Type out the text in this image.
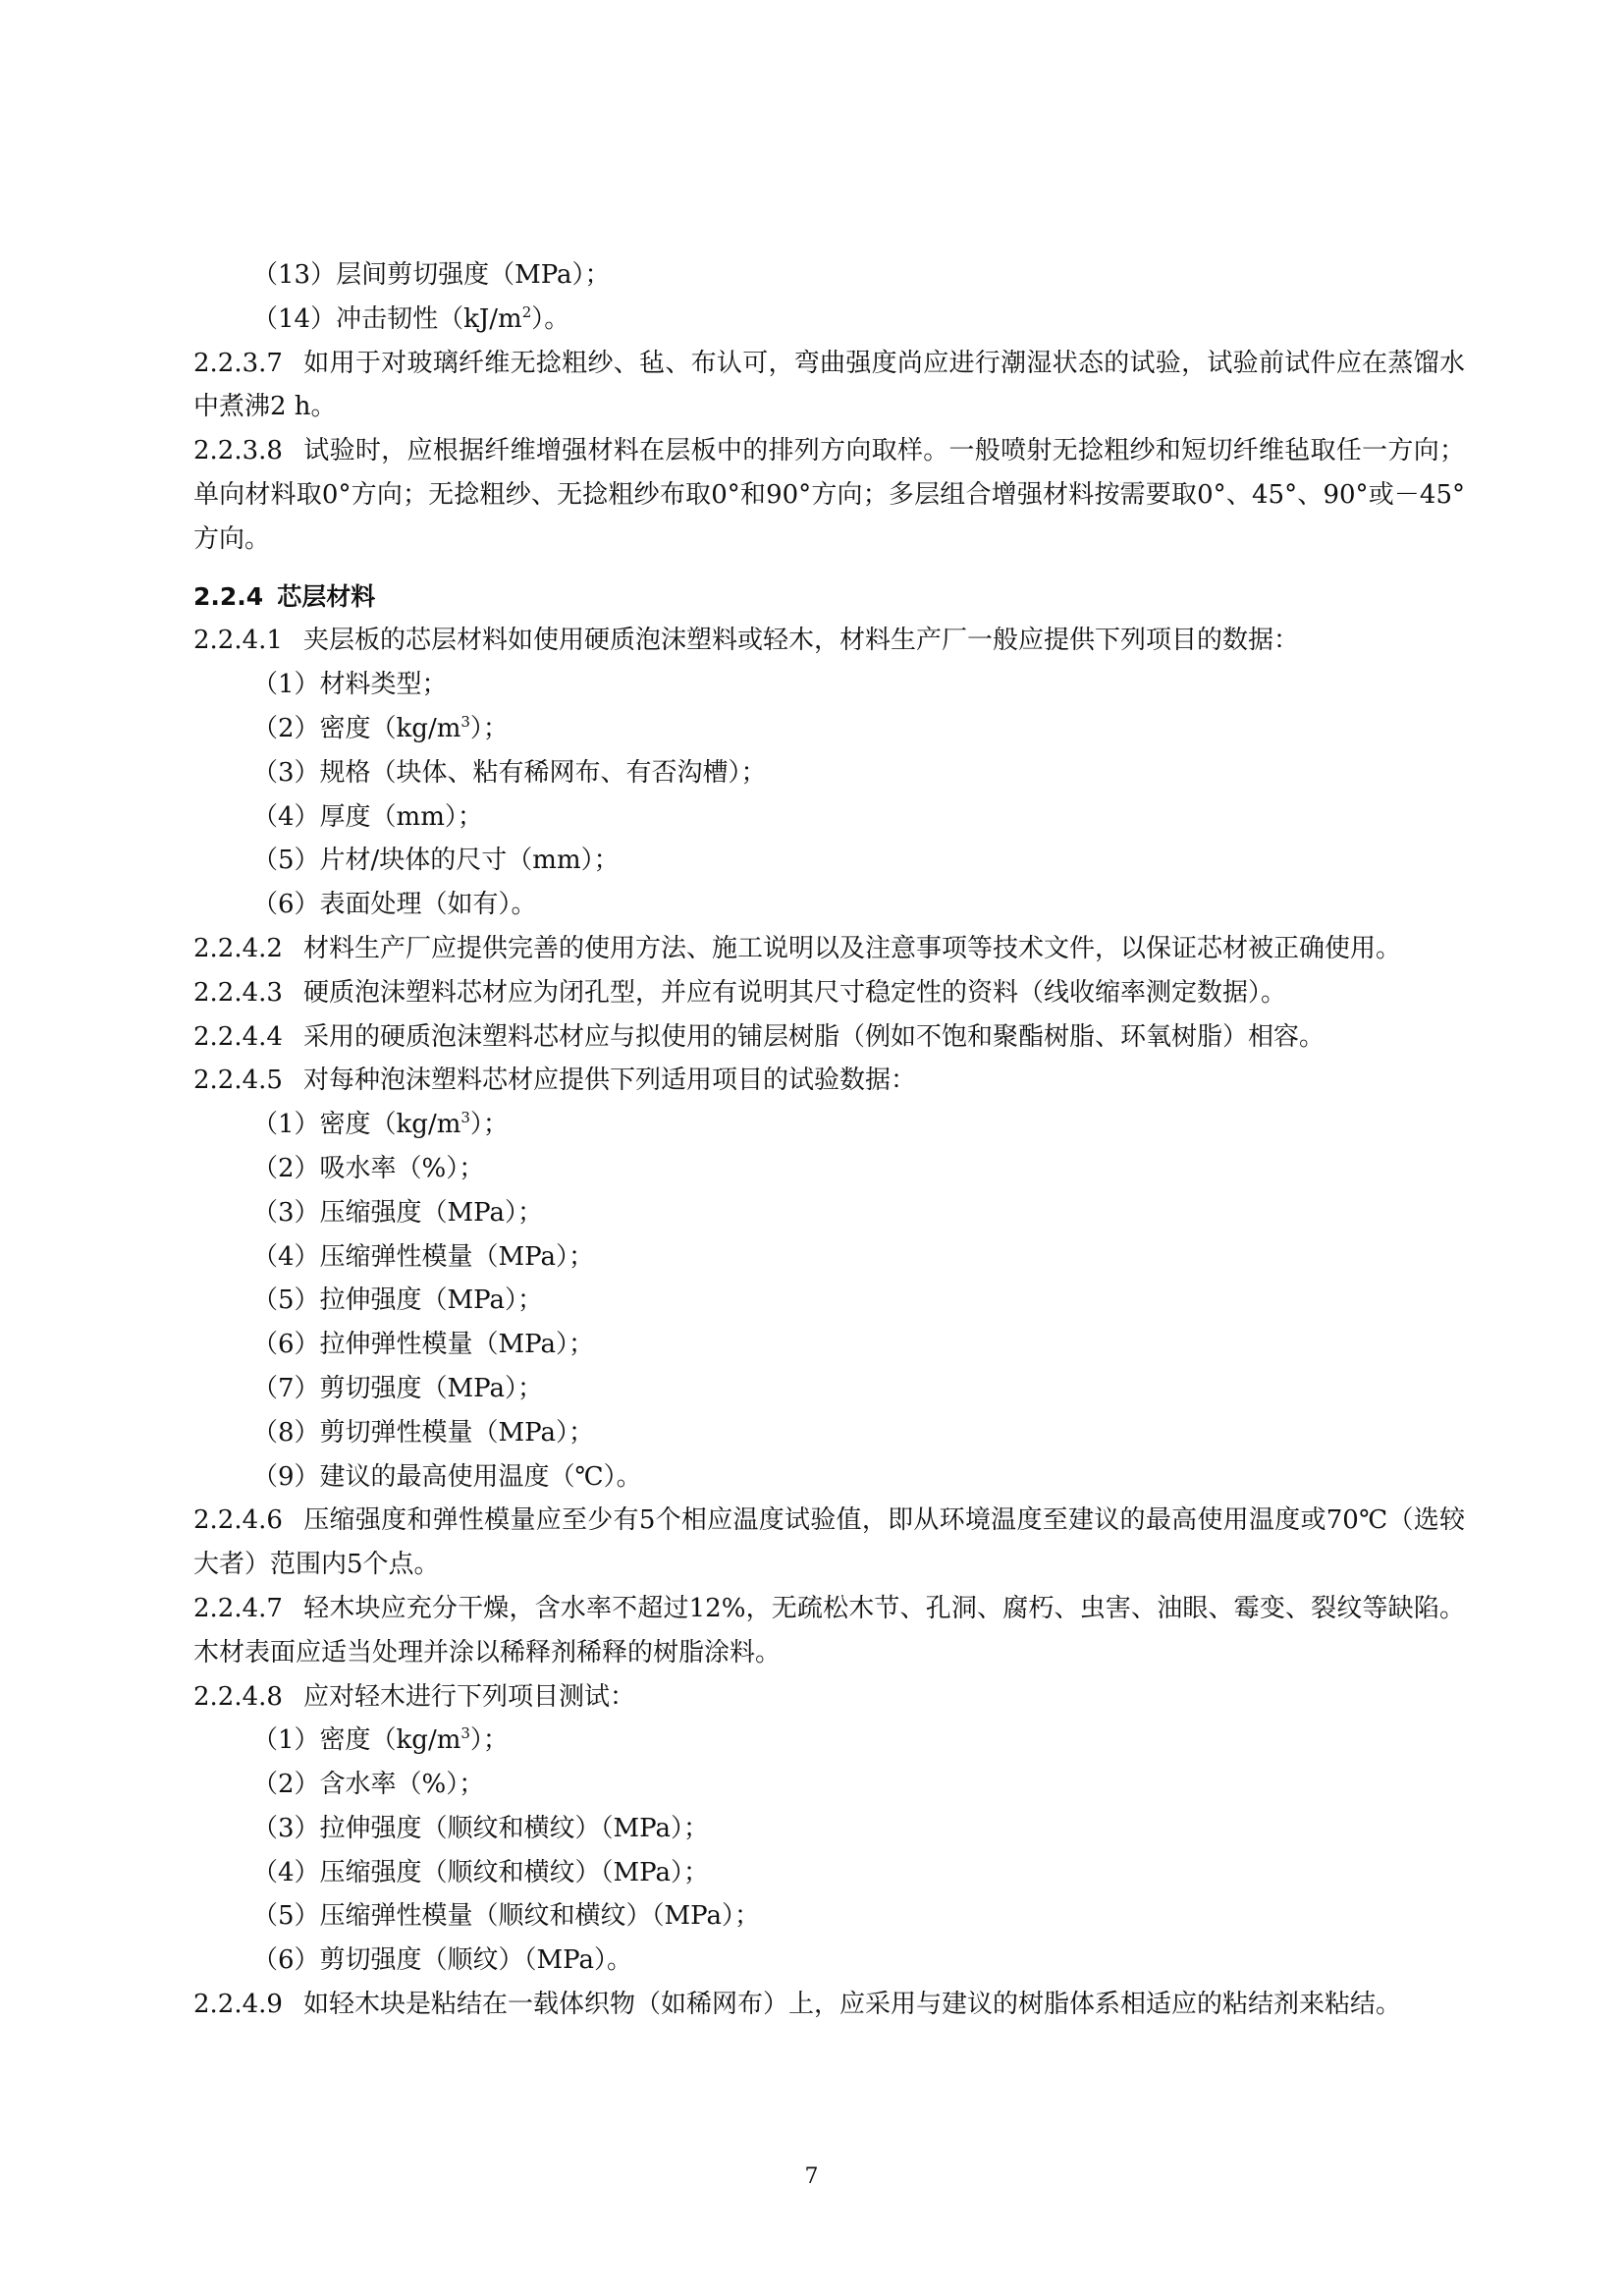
（13）层间剪切强度（MPa）；
（14）冲击韧性$(kJ/m^2)$。

2.2.3.7 如用于对玻璃纤维无捻粗纱、毡、布认可，弯曲强度尚应进行潮湿状态的试验，试验前试件应在蒸馏水中煮沸2 h。

2.2.3.8 试验时，应根据纤维增强材料在层板中的排列方向取样。一般喷射无捻粗纱和短切纤维毡取任一方向；单向材料取0°方向；无捻粗纱、无捻粗纱布取0°和90°方向；多层组合增强材料按需要取0°、45°、90°或－45°方向。

2.2.4 芯层材料

2.2.4.1 夹层板的芯层材料如使用硬质泡沫塑料或轻木，材料生产厂一般应提供下列项目的数据：

（1）材料类型；
（2）密度$(kg/m^3)$；
（3）规格（块体、粘有稀网布、有否沟槽）；
（4）厚度（mm）；
（5）片材/块体的尺寸（mm）；
（6）表面处理（如有）。

2.2.4.2 材料生产厂应提供完善的使用方法、施工说明以及注意事项等技术文件，以保证芯材被正确使用。

2.2.4.3 硬质泡沫塑料芯材应为闭孔型，并应有说明其尺寸稳定性的资料（线收缩率测定数据）。

2.2.4.4 采用的硬质泡沫塑料芯材应与拟使用的铺层树脂（例如不饱和聚酯树脂、环氧树脂）相容。

2.2.4.5 对每种泡沫塑料芯材应提供下列适用项目的试验数据：

（1）密度$(kg/m^3)$；
（2）吸水率（%）；
（3）压缩强度（MPa）；
（4）压缩弹性模量（MPa）；
（5）拉伸强度（MPa）；
（6）拉伸弹性模量（MPa）；
（7）剪切强度（MPa）；
（8）剪切弹性模量（MPa）；
（9）建议的最高使用温度（℃）。

2.2.4.6 压缩强度和弹性模量应至少有5个相应温度试验值，即从环境温度至建议的最高使用温度或70℃（选较大者）范围内5个点。

2.2.4.7 轻木块应充分干燥，含水率不超过12%，无疏松木节、孔洞、腐朽、虫害、油眼、霉变、裂纹等缺陷。木材表面应适当处理并涂以稀释剂稀释的树脂涂料。

2.2.4.8 应对轻木进行下列项目测试：

（1）密度$(kg/m^3)$；
（2）含水率（%）；
（3）拉伸强度（顺纹和横纹）（MPa）；
（4）压缩强度（顺纹和横纹）（MPa）；
（5）压缩弹性模量（顺纹和横纹）（MPa）；
（6）剪切强度（顺纹）（MPa）。

2.2.4.9 如轻木块是粘结在一载体织物（如稀网布）上，应采用与建议的树脂体系相适应的粘结剂来粘结。

7
